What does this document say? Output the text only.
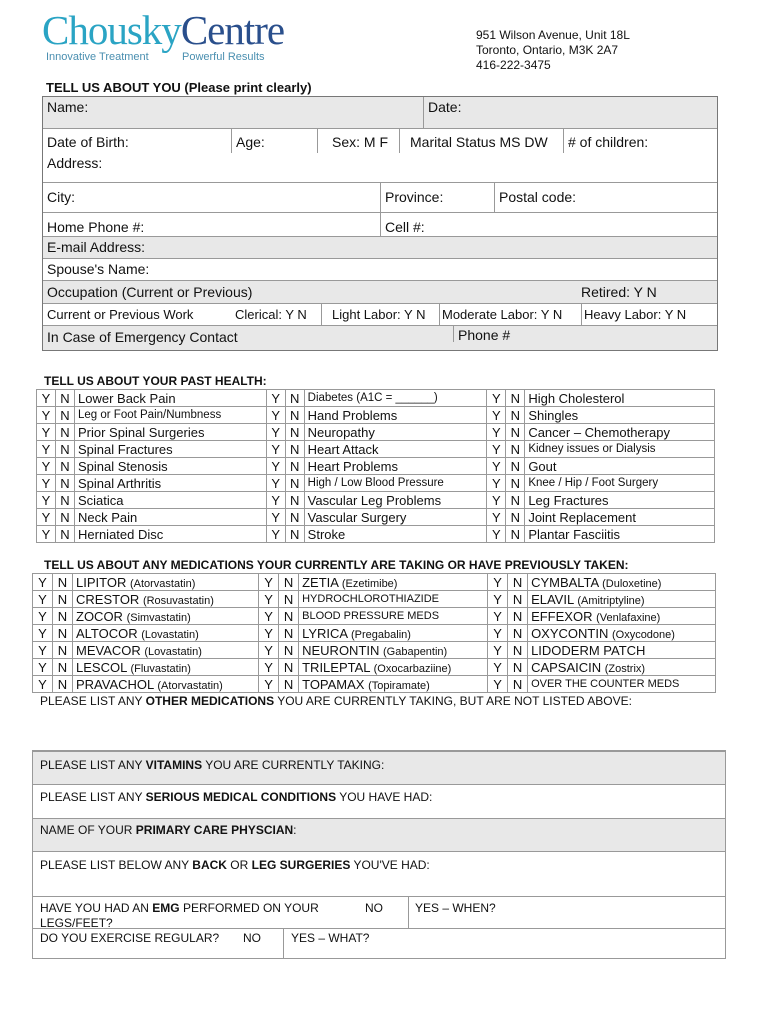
ChouskyCentre
Innovative Treatment	Powerful Results
951 Wilson Avenue, Unit 18L
Toronto, Ontario, M3K 2A7
416-222-3475
TELL US ABOUT YOU (Please print clearly)
Name:	Date:
Date of Birth:	Age:	Sex: M F	Marital Status MS DW	# of children:
Address:
City:	Province:	Postal code:
Home Phone #:	Cell #:
E-mail Address:
Spouse's Name:
Occupation (Current or Previous)	Retired: Y N
Current or Previous Work	Clerical: Y N	Light Labor: Y N Moderate Labor: Y N Heavy Labor: Y N
In Case of Emergency Contact	Phone #
TELL US ABOUT YOUR PAST HEALTH:
Y	N	Lower Back Pain	Y	N	Diabetes (A1C = ______)	Y	N	High Cholesterol
Y	N	Leg or Foot Pain/Numbness	Y	N	Hand Problems	Y	N	Shingles
Y	N	Prior Spinal Surgeries	Y	N	Neuropathy	Y	N	Cancer – Chemotherapy
Y	N	Spinal Fractures	Y	N	Heart Attack	Y	N	Kidney issues or Dialysis
Y	N	Spinal Stenosis	Y	N	Heart Problems	Y	N	Gout
Y	N	Spinal Arthritis	Y	N	High / Low Blood Pressure	Y	N	Knee / Hip / Foot Surgery
Y	N	Sciatica	Y	N	Vascular Leg Problems	Y	N	Leg Fractures
Y	N	Neck Pain	Y	N	Vascular Surgery	Y	N	Joint Replacement
Y	N	Herniated Disc	Y	N	Stroke	Y	N	Plantar Fasciitis
TELL US ABOUT ANY MEDICATIONS YOUR CURRENTLY ARE TAKING OR HAVE PREVIOUSLY TAKEN:
Y	N	LIPITOR (Atorvastatin)	Y	N	ZETIA (Ezetimibe)	Y	N	CYMBALTA (Duloxetine)
Y	N	CRESTOR (Rosuvastatin)	Y	N	HYDROCHLOROTHIAZIDE	Y	N	ELAVIL (Amitriptyline)
Y	N	ZOCOR (Simvastatin)	Y	N	BLOOD PRESSURE MEDS	Y	N	EFFEXOR (Venlafaxine)
Y	N	ALTOCOR (Lovastatin)	Y	N	LYRICA (Pregabalin)	Y	N	OXYCONTIN (Oxycodone)
Y	N	MEVACOR (Lovastatin)	Y	N	NEURONTIN (Gabapentin)	Y	N	LIDODERM PATCH
Y	N	LESCOL (Fluvastatin)	Y	N	TRILEPTAL (Oxocarbaziine)	Y	N	CAPSAICIN (Zostrix)
Y	N	PRAVACHOL (Atorvastatin)	Y	N	TOPAMAX (Topiramate)	Y	N	OVER THE COUNTER MEDS
PLEASE LIST ANY OTHER MEDICATIONS YOU ARE CURRENTLY TAKING, BUT ARE NOT LISTED ABOVE:
PLEASE LIST ANY VITAMINS YOU ARE CURRENTLY TAKING:
PLEASE LIST ANY SERIOUS MEDICAL CONDITIONS YOU HAVE HAD:
NAME OF YOUR PRIMARY CARE PHYSCIAN:
PLEASE LIST BELOW ANY BACK OR LEG SURGERIES YOU'VE HAD:
HAVE YOU HAD AN EMG PERFORMED ON YOUR
LEGS/FEET?
NO	YES – WHEN?
DO YOU EXERCISE REGULAR? NO	YES – WHAT?
